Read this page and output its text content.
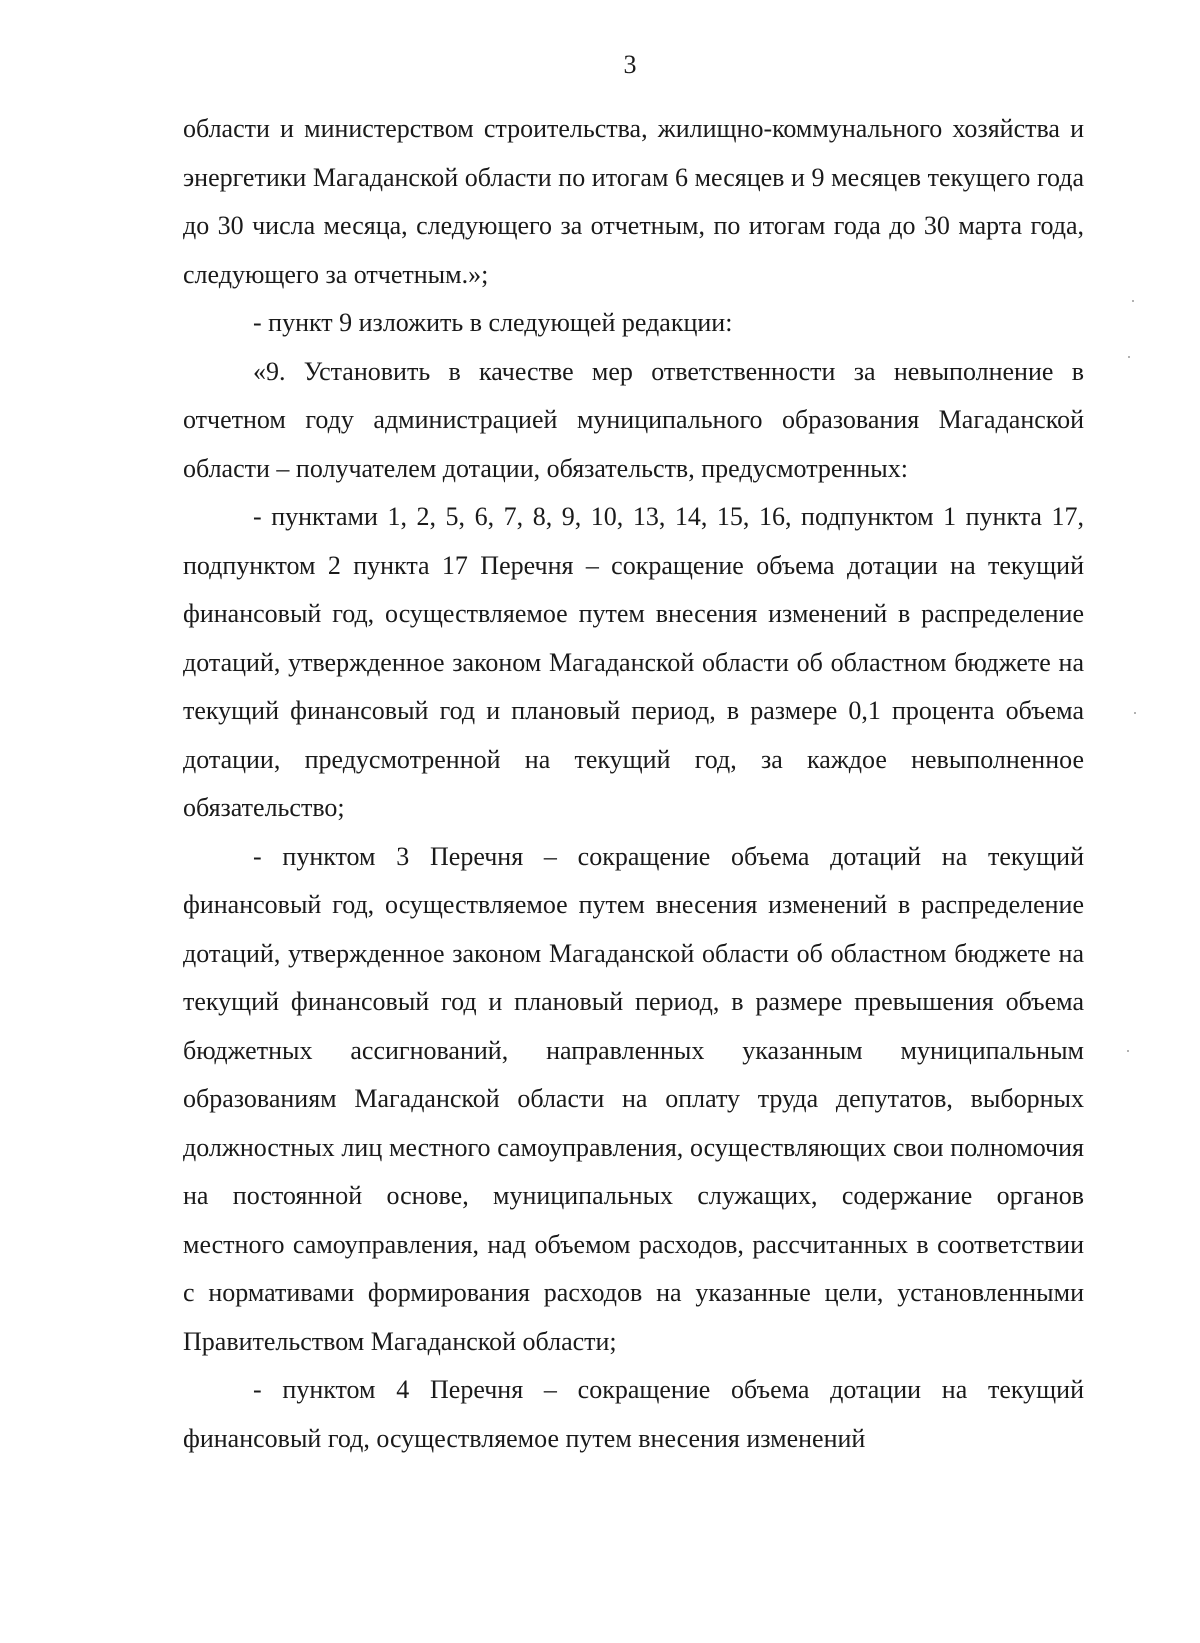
3

области и министерством строительства, жилищно-коммунального хозяйства и энергетики Магаданской области по итогам 6 месяцев и 9 месяцев текущего года до 30 числа месяца, следующего за отчетным, по итогам года до 30 марта года, следующего за отчетным.»;

- пункт 9 изложить в следующей редакции:

«9. Установить в качестве мер ответственности за невыполнение в отчетном году администрацией муниципального образования Магаданской области – получателем дотации, обязательств, предусмотренных:

- пунктами 1, 2, 5, 6, 7, 8, 9, 10, 13, 14, 15, 16, подпунктом 1 пункта 17, подпунктом 2 пункта 17 Перечня – сокращение объема дотации на текущий финансовый год, осуществляемое путем внесения изменений в распределение дотаций, утвержденное законом Магаданской области об областном бюджете на текущий финансовый год и плановый период, в размере 0,1 процента объема дотации, предусмотренной на текущий год, за каждое невыполненное обязательство;

- пунктом 3 Перечня – сокращение объема дотаций на текущий финансовый год, осуществляемое путем внесения изменений в распределение дотаций, утвержденное законом Магаданской области об областном бюджете на текущий финансовый год и плановый период, в размере превышения объема бюджетных ассигнований, направленных указанным муниципальным образованиям Магаданской области на оплату труда депутатов, выборных должностных лиц местного самоуправления, осуществляющих свои полномочия на постоянной основе, муниципальных служащих, содержание органов местного самоуправления, над объемом расходов, рассчитанных в соответствии с нормативами формирования расходов на указанные цели, установленными Правительством Магаданской области;

- пунктом 4 Перечня – сокращение объема дотации на текущий финансовый год, осуществляемое путем внесения изменений
